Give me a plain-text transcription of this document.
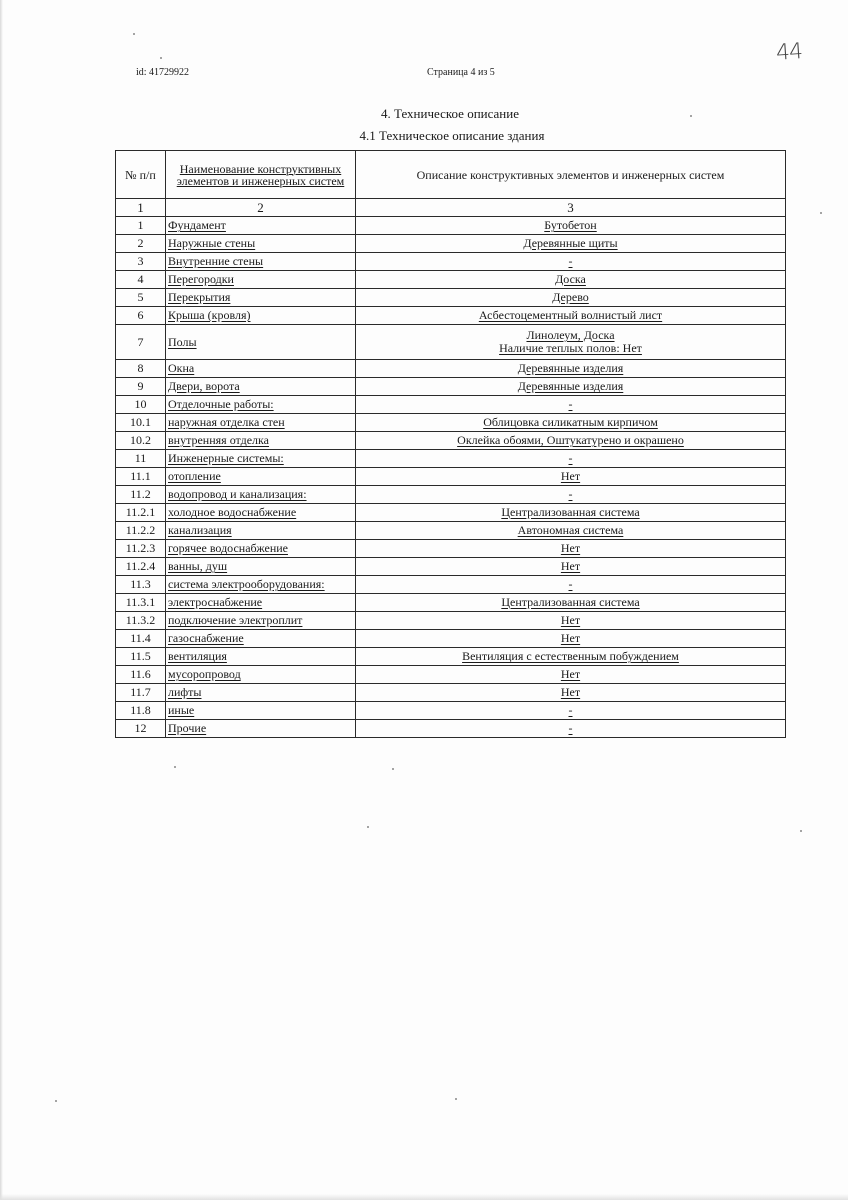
id: 41729922	Страница 4 из 5
44
4. Техническое описание
4.1 Техническое описание здания
№ п/п	Наименование конструктивных элементов и инженерных систем	Описание конструктивных элементов и инженерных систем
1	2	3
1	Фундамент	Бутобетон
2	Наружные стены	Деревянные щиты
3	Внутренние стены	-
4	Перегородки	Доска
5	Перекрытия	Дерево
6	Крыша (кровля)	Асбестоцементный волнистый лист
7	Полы	Линолеум, Доска
Наличие теплых полов: Нет

8	Окна	Деревянные изделия
9	Двери, ворота	Деревянные изделия
10	Отделочные работы:	-
10.1	наружная отделка стен	Облицовка силикатным кирпичом
10.2	внутренняя отделка	Оклейка обоями, Оштукатурено и окрашено
11	Инженерные системы:	-
11.1	отопление	Нет
11.2	водопровод и канализация:	-
11.2.1	холодное водоснабжение	Централизованная система
11.2.2	канализация	Автономная система
11.2.3	горячее водоснабжение	Нет
11.2.4	ванны, душ	Нет
11.3	система электрооборудования:	-
11.3.1	электроснабжение	Централизованная система
11.3.2	подключение электроплит	Нет
11.4	газоснабжение	Нет
11.5	вентиляция	Вентиляция с естественным побуждением
11.6	мусоропровод	Нет
11.7	лифты	Нет
11.8	иные	-
12	Прочие	-
